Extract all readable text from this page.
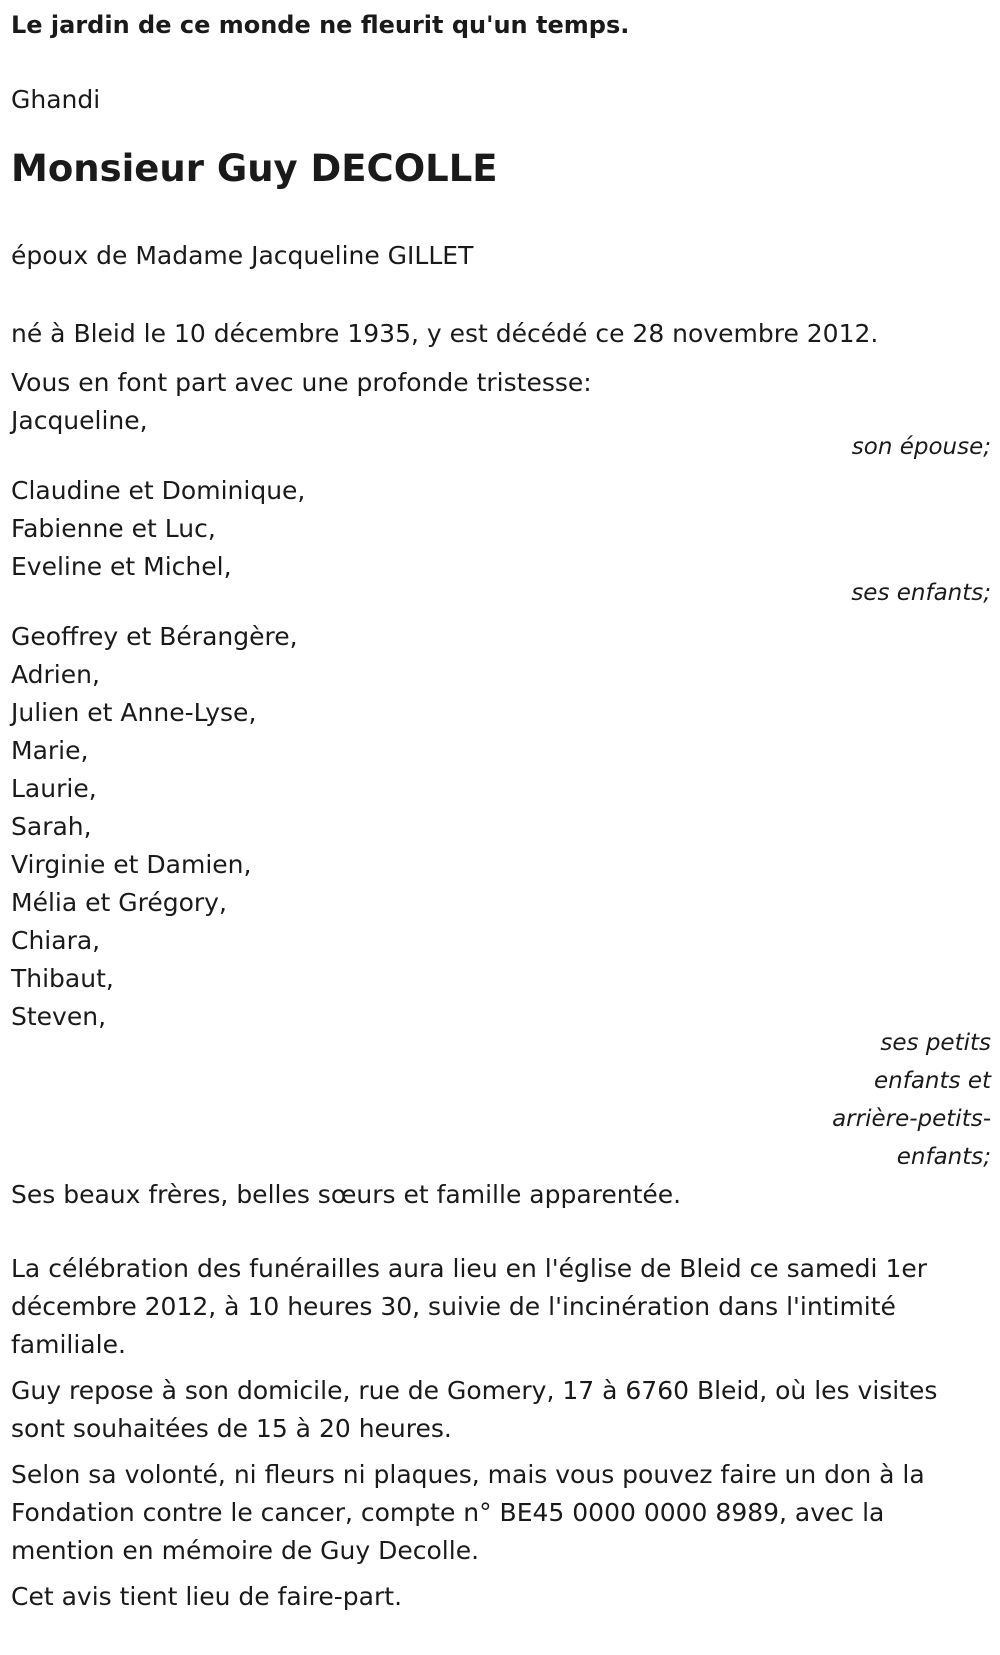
Le jardin de ce monde ne fleurit qu'un temps.
Ghandi
Monsieur Guy DECOLLE
époux de Madame Jacqueline GILLET
né à Bleid le 10 décembre 1935, y est décédé ce 28 novembre 2012.
Vous en font part avec une profonde tristesse:
Jacqueline,

son épouse;

Claudine et Dominique,
Fabienne et Luc,
Eveline et Michel,

ses enfants;

Geoffrey et Bérangère,
Adrien,
Julien et Anne-Lyse,
Marie,
Laurie,
Sarah,
Virginie et Damien,
Mélia et Grégory,
Chiara,
Thibaut,
Steven,

ses petits enfants et arrière-petits-enfants;

Ses beaux frères, belles sœurs et famille apparentée.

La célébration des funérailles aura lieu en l'église de Bleid ce samedi 1er décembre 2012, à 10 heures 30, suivie de l'incinération dans l'intimité familiale.

Guy repose à son domicile, rue de Gomery, 17 à 6760 Bleid, où les visites sont souhaitées de 15 à 20 heures.

Selon sa volonté, ni fleurs ni plaques, mais vous pouvez faire un don à la Fondation contre le cancer, compte n° BE45 0000 0000 8989, avec la mention en mémoire de Guy Decolle.

Cet avis tient lieu de faire-part.
